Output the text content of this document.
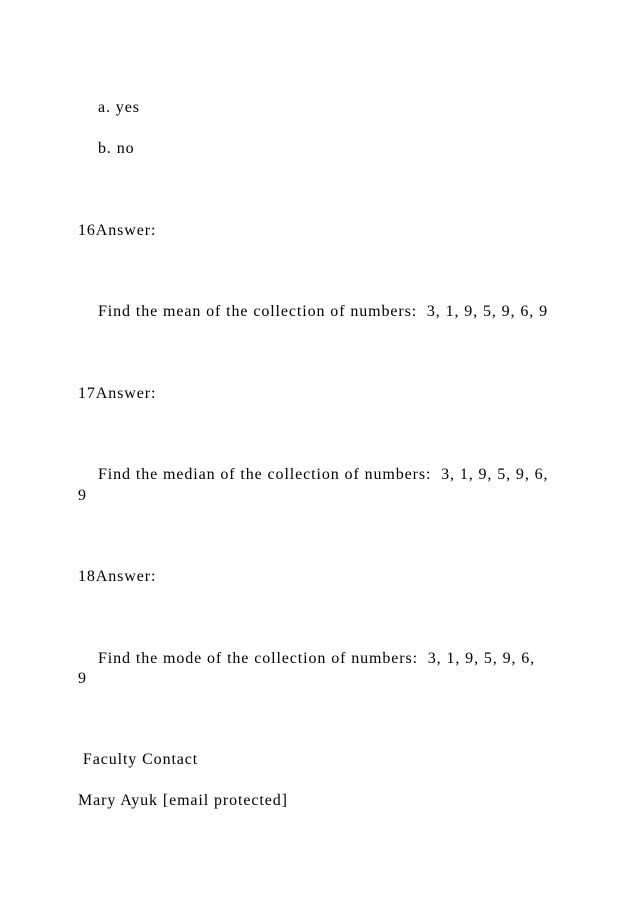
a. yes
b. no
16Answer:
Find the mean of the collection of numbers:  3, 1, 9, 5, 9, 6, 9
17Answer:
Find the median of the collection of numbers:  3, 1, 9, 5, 9, 6,
9
18Answer:
Find the mode of the collection of numbers:  3, 1, 9, 5, 9, 6,
9
Faculty Contact
Mary Ayuk [email protected]
